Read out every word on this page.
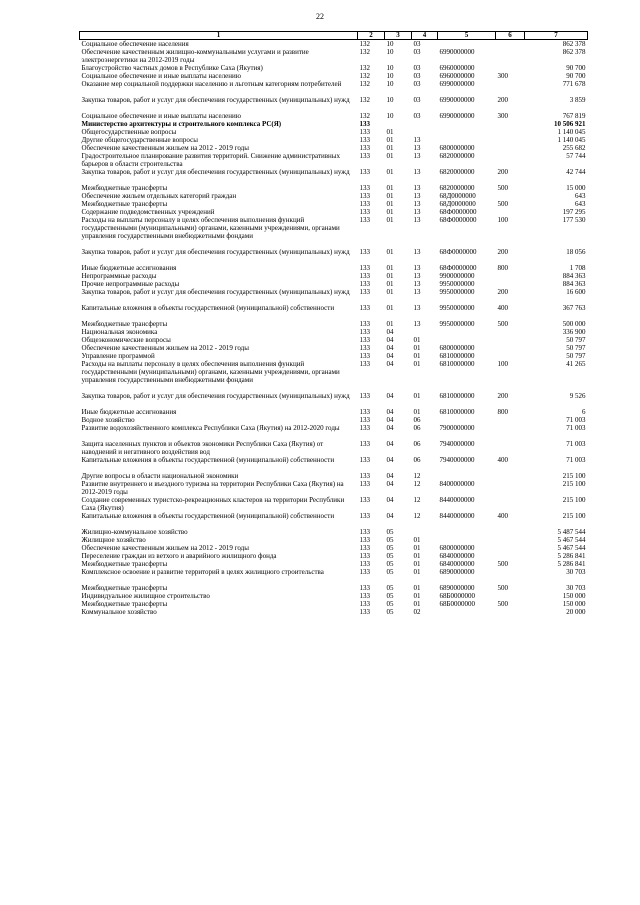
22
1	2	3	4	5	6	7
Социальное обеспечение населения	132	10	03			862 378
Обеспечение качественным жилищно-коммунальными услугами и развитие электроэнергетики на 2012-2019 годы	132	10	03	6990000000		862 378
Благоустройство частных домов в Республике Саха (Якутия)	132	10	03	6960000000		90 700
Социальное обеспечение и иные выплаты населению	132	10	03	6960000000	300	90 700
Оказание мер социальной поддержки населению и льготным категориям потребителей	132	10	03	6990000000		771 678
Закупка товаров, работ и услуг для обеспечения государственных (муниципальных) нужд	132	10	03	6990000000	200	3 859
Социальное обеспечение и иные выплаты населению	132	10	03	6990000000	300	767 819
Министерство архитектуры и строительного комплекса РС(Я)	133					10 506 921
Общегосударственные вопросы	133	01				1 140 045
Другие общегосударственные вопросы	133	01	13			1 140 045
Обеспечение качественным жильем на 2012 - 2019 годы	133	01	13	6800000000		255 682
Градостроительное планирование развития территорий. Снижение административных барьеров в области строительства	133	01	13	6820000000		57 744
Закупка товаров, работ и услуг для обеспечения государственных (муниципальных) нужд	133	01	13	6820000000	200	42 744
Межбюджетные трансферты	133	01	13	6820000000	500	15 000
Обеспечение жильем отдельных категорий граждан	133	01	13	68Д0000000		643
Межбюджетные трансферты	133	01	13	68Д0000000	500	643
Содержание подведомственных учреждений	133	01	13	68Ф0000000		197 295
Расходы на выплаты персоналу в целях обеспечения выполнения функций государственными (муниципальными) органами, казенными учреждениями, органами управления государственными внебюджетными фондами	133	01	13	68Ф0000000	100	177 530
Закупка товаров, работ и услуг для обеспечения государственных (муниципальных) нужд	133	01	13	68Ф0000000	200	18 056
Иные бюджетные ассигнования	133	01	13	68Ф0000000	800	1 708
Непрограммные расходы	133	01	13	9900000000		884 363
Прочие непрограммные расходы	133	01	13	9950000000		884 363
Закупка товаров, работ и услуг для обеспечения государственных (муниципальных) нужд	133	01	13	9950000000	200	16 600
Капитальные вложения в объекты государственной (муниципальной) собственности	133	01	13	9950000000	400	367 763
Межбюджетные трансферты	133	01	13	9950000000	500	500 000
Национальная экономика	133	04				336 900
Общеэкономические вопросы	133	04	01			50 797
Обеспечение качественным жильем на 2012 - 2019 годы	133	04	01	6800000000		50 797
Управление программой	133	04	01	6810000000		50 797
Расходы на выплаты персоналу в целях обеспечения выполнения функций государственными (муниципальными) органами, казенными учреждениями, органами управления государственными внебюджетными фондами	133	04	01	6810000000	100	41 265
Закупка товаров, работ и услуг для обеспечения государственных (муниципальных) нужд	133	04	01	6810000000	200	9 526
Иные бюджетные ассигнования	133	04	01	6810000000	800	6
Водное хозяйство	133	04	06			71 003
Развитие водохозяйственного комплекса Республики Саха (Якутия) на 2012-2020 годы	133	04	06	7900000000		71 003
Защита населенных пунктов и объектов экономики Республики Саха (Якутия) от наводнений и негативного воздействия вод	133	04	06	7940000000		71 003
Капитальные вложения в объекты государственной (муниципальной) собственности	133	04	06	7940000000	400	71 003
Другие вопросы в области национальной экономики	133	04	12			215 100
Развитие внутреннего и въездного туризма на территории Республики Саха (Якутия) на 2012-2019 годы	133	04	12	8400000000		215 100
Создание современных туристско-рекреационных кластеров на территории Республики Саха (Якутия)	133	04	12	8440000000		215 100
Капитальные вложения в объекты государственной (муниципальной) собственности	133	04	12	8440000000	400	215 100
Жилищно-коммунальное хозяйство	133	05				5 487 544
Жилищное хозяйство	133	05	01			5 467 544
Обеспечение качественным жильем на 2012 - 2019 годы	133	05	01	6800000000		5 467 544
Переселение граждан из ветхого и аварийного жилищного фонда	133	05	01	6840000000		5 286 841
Межбюджетные трансферты	133	05	01	6840000000	500	5 286 841
Комплексное освоение и развитие территорий в целях жилищного строительства	133	05	01	6890000000		30 703
Межбюджетные трансферты	133	05	01	6890000000	500	30 703
Индивидуальное жилищное строительство	133	05	01	68Б0000000		150 000
Межбюджетные трансферты	133	05	01	68Б0000000	500	150 000
Коммунальное хозяйство	133	05	02			20 000
